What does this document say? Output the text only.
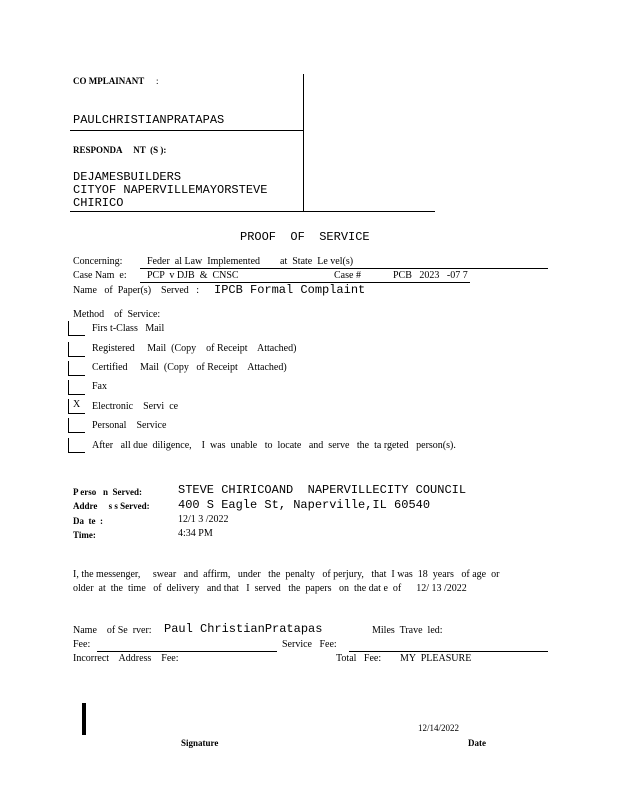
CO MPLAINANT :
PAULCHRISTIANPRATAPAS
RESPONDA     NT  (S ):
DEJAMESBUILDERS
CITYOF NAPERVILLEMAYORSTEVE
CHIRICO
PROOF  OF  SERVICE
Concerning: Feder  al Law  Implemented        at  State  Le vel(s)
Case Nam  e: PCP  v DJB  &  CNSC	Case #	PCB   2023   -07 7
Name   of  Paper(s)    Served   : IPCB Formal Complaint
Method    of  Service:
Firs t-Class   Mail
Registered     Mail  (Copy    of Receipt    Attached)
Certified     Mail  (Copy   of Receipt    Attached)
Fax
X Electronic    Servi  ce
Personal    Service
After   all due  diligence,    I  was  unable   to  locate   and  serve   the  ta rgeted   person(s).
P erso   n  Served:	STEVE CHIRICOAND  NAPERVILLECITY COUNCIL
Addre     s s Served: 400 S Eagle St, Naperville,IL 60540
Da  te  :	12/1 3 /2022
Time:	4:34 PM
I, the messenger,     swear   and  affirm,   under   the  penalty   of perjury,   that  I was  18  years   of age  or
older  at  the  time   of  delivery   and that   I  served   the  papers   on  the dat e  of      12/ 13 /2022
Name    of Se  rver: Paul ChristianPratapas	Miles  Trave  led:
Fee:	Service   Fee:
Incorrect    Address    Fee:	Total   Fee: MY  PLEASURE
12/14/2022
Signature	Date
